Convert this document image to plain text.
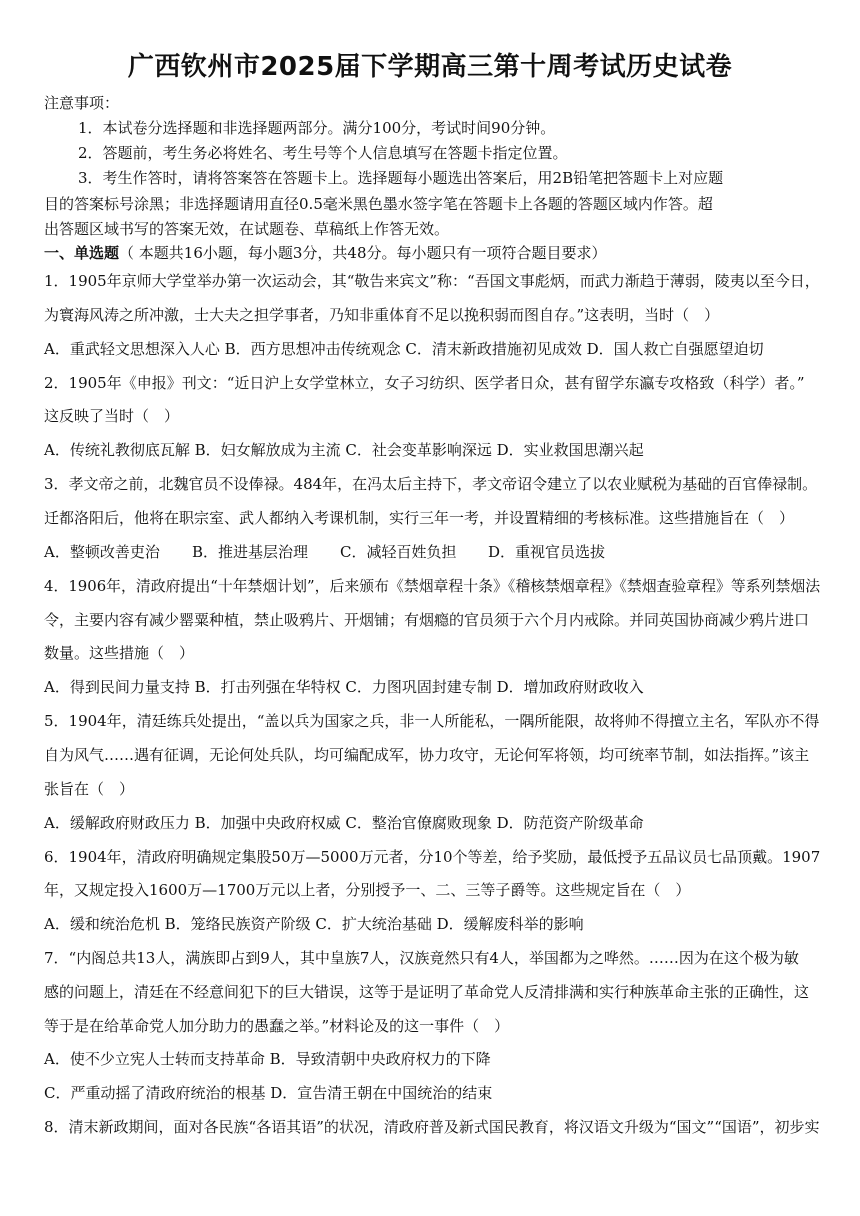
广西钦州市2025届下学期高三第十周考试历史试卷
注意事项：
1．本试卷分选择题和非选择题两部分。满分100分，考试时间90分钟。
2．答题前，考生务必将姓名、考生号等个人信息填写在答题卡指定位置。
3．考生作答时，请将答案答在答题卡上。选择题每小题选出答案后，用2B铅笔把答题卡上对应题
目的答案标号涂黑；非选择题请用直径0.5毫米黑色墨水签字笔在答题卡上各题的答题区域内作答。超
出答题区域书写的答案无效，在试题卷、草稿纸上作答无效。
一、单选题（ 本题共16小题，每小题3分，共48分。每小题只有一项符合题目要求）
1．1905年京师大学堂举办第一次运动会，其“敬告来宾文”称：“吾国文事彪炳，而武力渐趋于薄弱，陵夷以至今日，
为寰海风涛之所冲激，士大夫之担学事者，乃知非重体育不足以挽积弱而图自存。”这表明，当时（　）
A．重武轻文思想深入人心 B．西方思想冲击传统观念 C．清末新政措施初见成效 D．国人救亡自强愿望迫切
2．1905年《申报》刊文：“近日沪上女学堂林立，女子习纺织、医学者日众，甚有留学东瀛专攻格致（科学）者。”
这反映了当时（　）
A．传统礼教彻底瓦解 B．妇女解放成为主流 C．社会变革影响深远 D．实业救国思潮兴起
3．孝文帝之前，北魏官员不设俸禄。484年，在冯太后主持下，孝文帝诏令建立了以农业赋税为基础的百官俸禄制。
迁都洛阳后，他将在职宗室、武人都纳入考课机制，实行三年一考，并设置精细的考核标准。这些措施旨在（　）
A．整顿改善吏治 B．推进基层治理 C．减轻百姓负担 D．重视官员选拔
4．1906年，清政府提出“十年禁烟计划”，后来颁布《禁烟章程十条》《稽核禁烟章程》《禁烟查验章程》等系列禁烟法
令，主要内容有减少罂粟种植，禁止吸鸦片、开烟铺；有烟瘾的官员须于六个月内戒除。并同英国协商减少鸦片进口
数量。这些措施（　）
A．得到民间力量支持 B．打击列强在华特权 C．力图巩固封建专制 D．增加政府财政收入
5．1904年，清廷练兵处提出，“盖以兵为国家之兵，非一人所能私，一隅所能限，故将帅不得擅立主名，军队亦不得
自为风气……遇有征调，无论何处兵队，均可编配成军，协力攻守，无论何军将领，均可统率节制，如法指挥。”该主
张旨在（　）
A．缓解政府财政压力 B．加强中央政府权威 C．整治官僚腐败现象 D．防范资产阶级革命
6．1904年，清政府明确规定集股50万—5000万元者，分10个等差，给予奖励，最低授予五品议员七品顶戴。1907
年，又规定投入1600万—1700万元以上者，分别授予一、二、三等子爵等。这些规定旨在（　）
A．缓和统治危机 B．笼络民族资产阶级 C．扩大统治基础 D．缓解废科举的影响
7．“内阁总共13人，满族即占到9人，其中皇族7人，汉族竟然只有4人，举国都为之哗然。……因为在这个极为敏
感的问题上，清廷在不经意间犯下的巨大错误，这等于是证明了革命党人反清排满和实行种族革命主张的正确性，这
等于是在给革命党人加分助力的愚蠢之举。”材料论及的这一事件（　）
A．使不少立宪人士转而支持革命 B．导致清朝中央政府权力的下降
C．严重动摇了清政府统治的根基 D．宣告清王朝在中国统治的结束
8．清末新政期间，面对各民族“各语其语”的状况，清政府普及新式国民教育，将汉语文升级为“国文”“国语”，初步实
